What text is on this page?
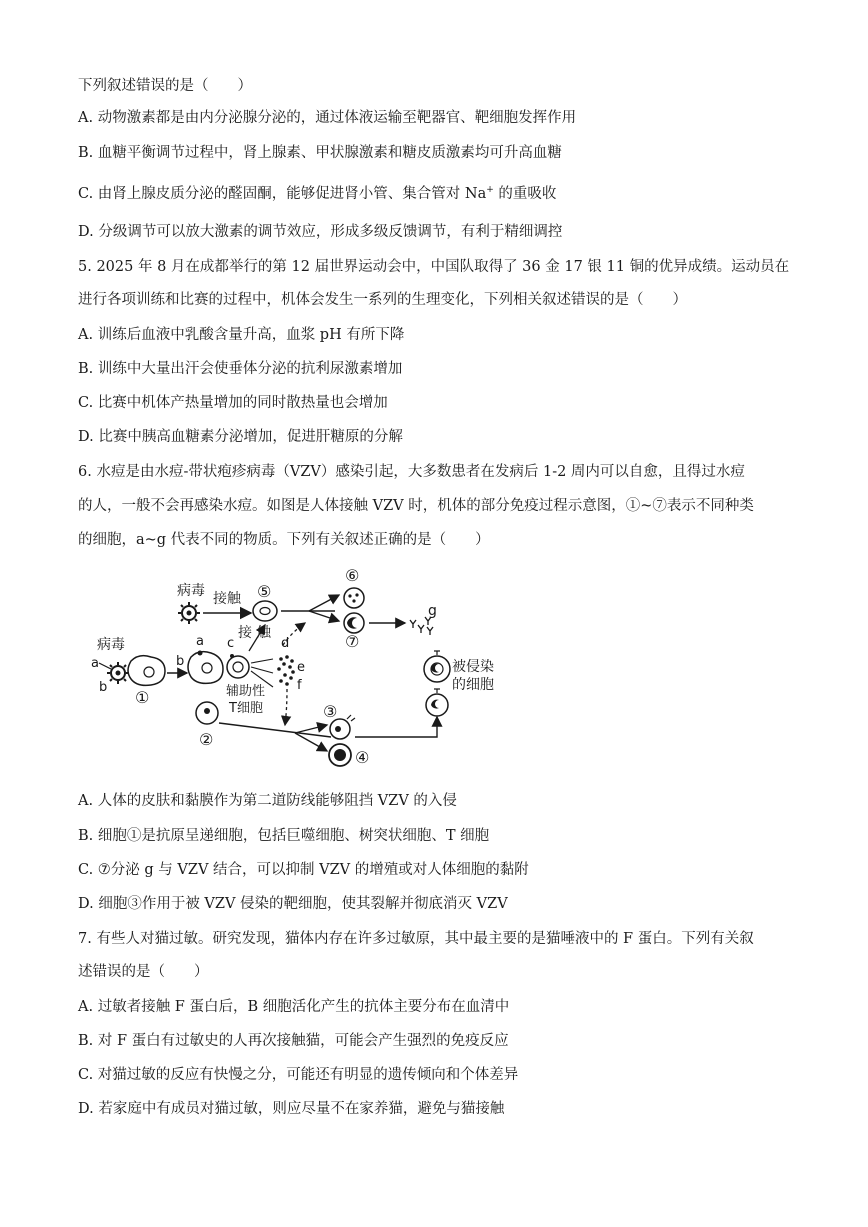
下列叙述错误的是（　　）
A. 动物激素都是由内分泌腺分泌的，通过体液运输至靶器官、靶细胞发挥作用
B. 血糖平衡调节过程中，肾上腺素、甲状腺激素和糖皮质激素均可升高血糖
C. 由肾上腺皮质分泌的醛固酮，能够促进肾小管、集合管对 Na+ 的重吸收
D. 分级调节可以放大激素的调节效应，形成多级反馈调节，有利于精细调控
5. 2025 年 8 月在成都举行的第 12 届世界运动会中，中国队取得了 36 金 17 银 11 铜的优异成绩。运动员在
进行各项训练和比赛的过程中，机体会发生一系列的生理变化，下列相关叙述错误的是（　　）
A. 训练后血液中乳酸含量升高，血浆 pH 有所下降
B. 训练中大量出汗会使垂体分泌的抗利尿激素增加
C. 比赛中机体产热量增加的同时散热量也会增加
D. 比赛中胰高血糖素分泌增加，促进肝糖原的分解
6. 水痘是由水痘-带状疱疹病毒（VZV）感染引起，大多数患者在发病后 1-2 周内可以自愈，且得过水痘
的人，一般不会再感染水痘。如图是人体接触 VZV 时，机体的部分免疫过程示意图，①~⑦表示不同种类
的细胞，a~g 代表不同的物质。下列有关叙述正确的是（　　）
病毒 接触 ⑤
⑥
⑦
g
病毒
a
b
①
b
a c
辅助性
T细胞
接 触
d
e
f
②
③
④
被侵染
的细胞
A. 人体的皮肤和黏膜作为第二道防线能够阻挡 VZV 的入侵
B. 细胞①是抗原呈递细胞，包括巨噬细胞、树突状细胞、T 细胞
C. ⑦分泌 g 与 VZV 结合，可以抑制 VZV 的增殖或对人体细胞的黏附
D. 细胞③作用于被 VZV 侵染的靶细胞，使其裂解并彻底消灭 VZV
7. 有些人对猫过敏。研究发现，猫体内存在许多过敏原，其中最主要的是猫唾液中的 F 蛋白。下列有关叙
述错误的是（　　）
A. 过敏者接触 F 蛋白后，B 细胞活化产生的抗体主要分布在血清中
B. 对 F 蛋白有过敏史的人再次接触猫，可能会产生强烈的免疫反应
C. 对猫过敏的反应有快慢之分，可能还有明显的遗传倾向和个体差异
D. 若家庭中有成员对猫过敏，则应尽量不在家养猫，避免与猫接触
